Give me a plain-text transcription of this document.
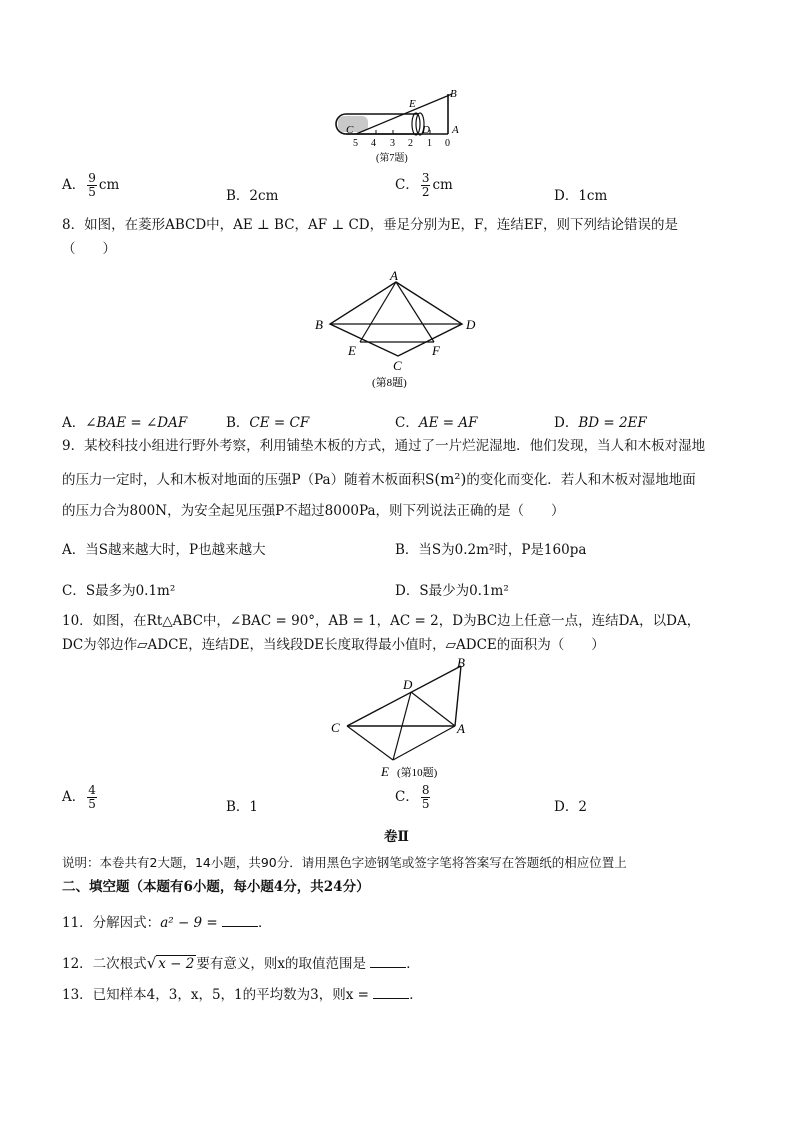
B
E
C	D A
5 4 3 2 1 0
(第7题)
A． $\frac{9}{5}$ cm
B．2cm
C． $\frac{3}{2}$ cm
D．1cm
8．如图，在菱形ABCD中，AE ⊥ BC，AF ⊥ CD，垂足分别为E，F，连结EF，则下列结论错误的是
（　　）
A
B	D
E	F
C
(第8题)
A．∠BAE = ∠DAF	B．CE = CF	C．AE = AF	D．BD = 2EF
9．某校科技小组进行野外考察，利用铺垫木板的方式，通过了一片烂泥湿地．他们发现，当人和木板对湿地
的压力一定时，人和木板对地面的压强P（Pa）随着木板面积S(m²)的变化而变化．若人和木板对湿地地面
的压力合为800N，为安全起见压强P不超过8000Pa，则下列说法正确的是（　　）
A．当S越来越大时，P也越来越大	B．当S为0.2m²时，P是160pa
C．S最多为0.1m²	D．S最少为0.1m²
10．如图，在Rt△ABC中，∠BAC = 90°，AB = 1，AC = 2，D为BC边上任意一点，连结DA，以DA，
DC为邻边作▱ADCE，连结DE，当线段DE长度取得最小值时，▱ADCE的面积为（　　）
B
D
C	A
E (第10题)
A． $\frac{4}{5}$	B．1
C． $\frac{8}{5}$	D．2
卷Ⅱ
说明：本卷共有2大题，14小题，共90分．请用黑色字迹钢笔或签字笔将答案写在答题纸的相应位置上
二、填空题（本题有6小题，每小题4分，共24分）
11．分解因式：a² − 9 =	．
12．二次根式√ x − 2 要有意义，则x的取值范围是	．
13．已知样本4，3，x，5，1的平均数为3，则x =	．
